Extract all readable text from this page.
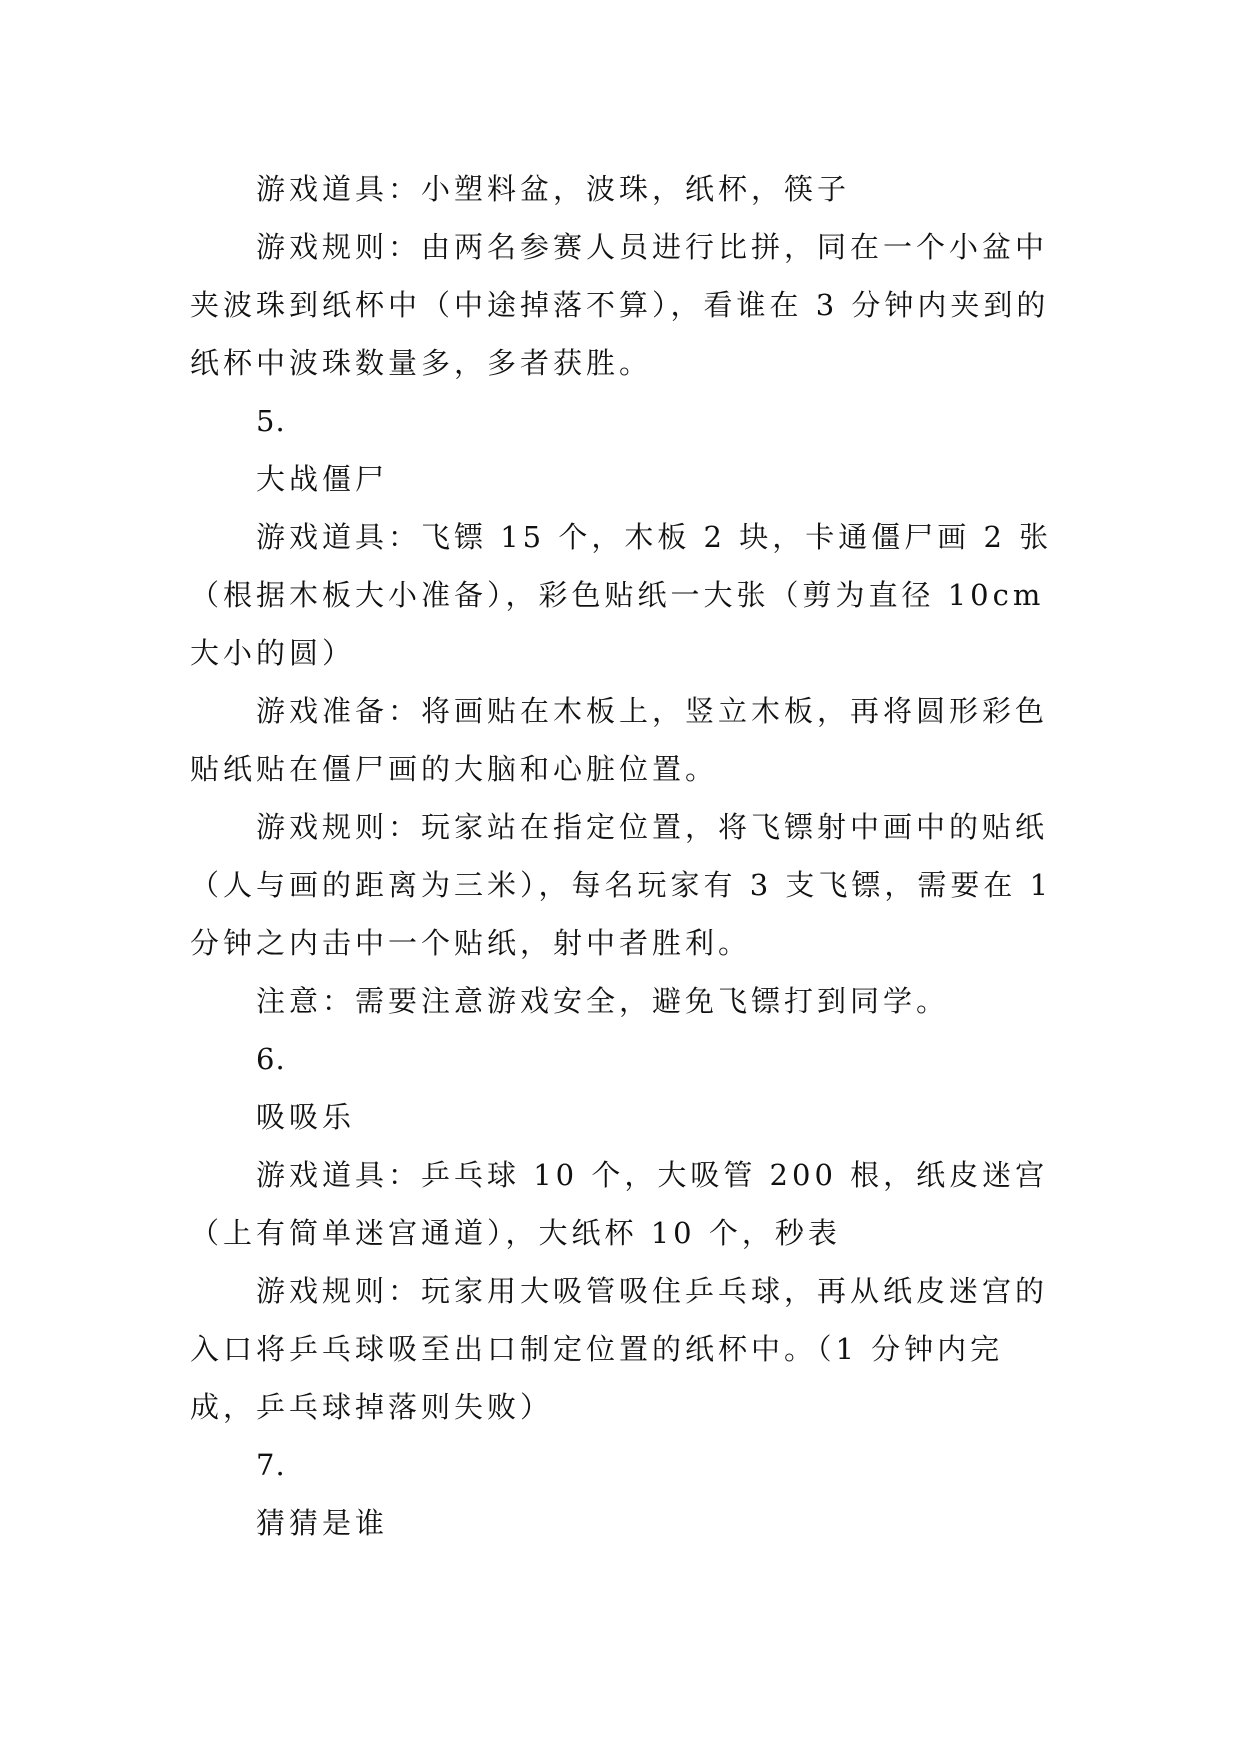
游戏道具：小塑料盆，波珠，纸杯，筷子

游戏规则：由两名参赛人员进行比拼，同在一个小盆中夹波珠到纸杯中（中途掉落不算），看谁在 3 分钟内夹到的纸杯中波珠数量多，多者获胜。

5.

大战僵尸

游戏道具：飞镖 15 个，木板 2 块，卡通僵尸画 2 张（根据木板大小准备），彩色贴纸一大张（剪为直径 10cm 大小的圆）

游戏准备：将画贴在木板上，竖立木板，再将圆形彩色贴纸贴在僵尸画的大脑和心脏位置。

游戏规则：玩家站在指定位置，将飞镖射中画中的贴纸（人与画的距离为三米），每名玩家有 3 支飞镖，需要在 1 分钟之内击中一个贴纸，射中者胜利。

注意：需要注意游戏安全，避免飞镖打到同学。

6.

吸吸乐

游戏道具：乒乓球 10 个，大吸管 200 根，纸皮迷宫（上有简单迷宫通道），大纸杯 10 个，秒表

游戏规则：玩家用大吸管吸住乒乓球，再从纸皮迷宫的入口将乒乓球吸至出口制定位置的纸杯中。（1 分钟内完成，乒乓球掉落则失败）

7.

猜猜是谁
